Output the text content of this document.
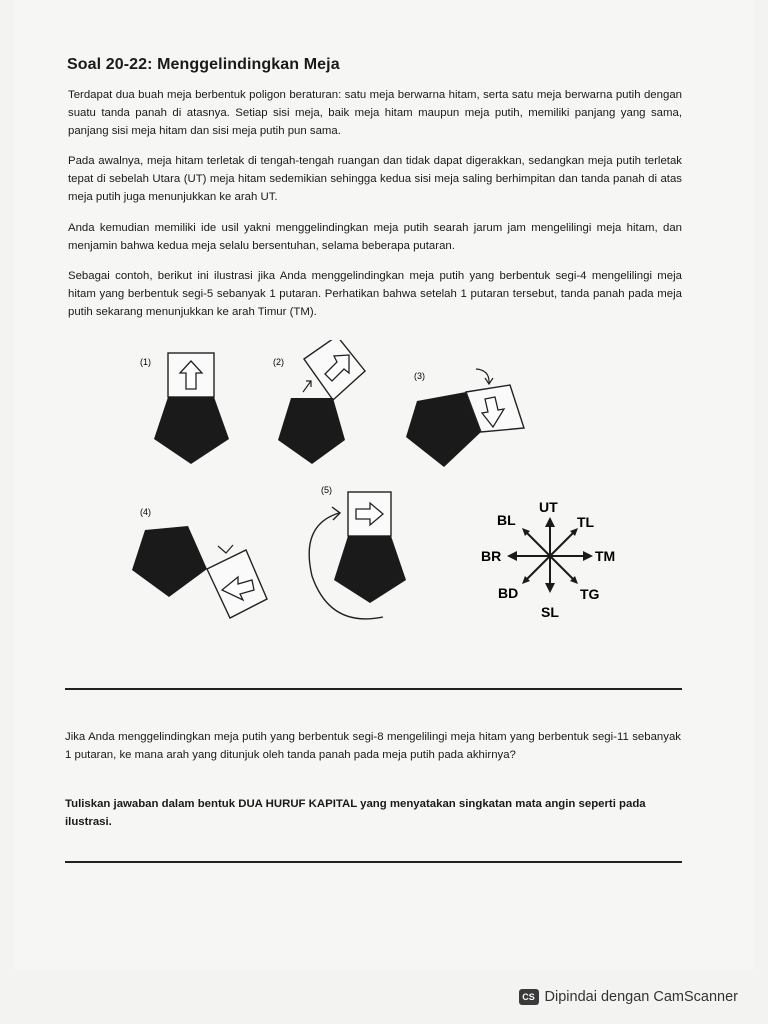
Soal 20-22: Menggelindingkan Meja

Terdapat dua buah meja berbentuk poligon beraturan: satu meja berwarna hitam, serta satu meja berwarna putih dengan suatu tanda panah di atasnya. Setiap sisi meja, baik meja hitam maupun meja putih, memiliki panjang yang sama, panjang sisi meja hitam dan sisi meja putih pun sama.

Pada awalnya, meja hitam terletak di tengah-tengah ruangan dan tidak dapat digerakkan, sedangkan meja putih terletak tepat di sebelah Utara (UT) meja hitam sedemikian sehingga kedua sisi meja saling berhimpitan dan tanda panah di atas meja putih juga menunjukkan ke arah UT.

Anda kemudian memiliki ide usil yakni menggelindingkan meja putih searah jarum jam mengelilingi meja hitam, dan menjamin bahwa kedua meja selalu bersentuhan, selama beberapa putaran.

Sebagai contoh, berikut ini ilustrasi jika Anda menggelindingkan meja putih yang berbentuk segi-4 mengelilingi meja hitam yang berbentuk segi-5 sebanyak 1 putaran. Perhatikan bahwa setelah 1 putaran tersebut, tanda panah pada meja putih sekarang menunjukkan ke arah Timur (TM).

(1)	(2)
(3)
(4)
(5)
UT
TL
TM
TG
SL
BD
BR
BL

Jika Anda menggelindingkan meja putih yang berbentuk segi-8 mengelilingi meja hitam yang berbentuk segi-11 sebanyak 1 putaran, ke mana arah yang ditunjuk oleh tanda panah pada meja putih pada akhirnya?

Tuliskan jawaban dalam bentuk DUA HURUF KAPITAL yang menyatakan singkatan mata angin seperti pada ilustrasi.

CS Dipindai dengan CamScanner
